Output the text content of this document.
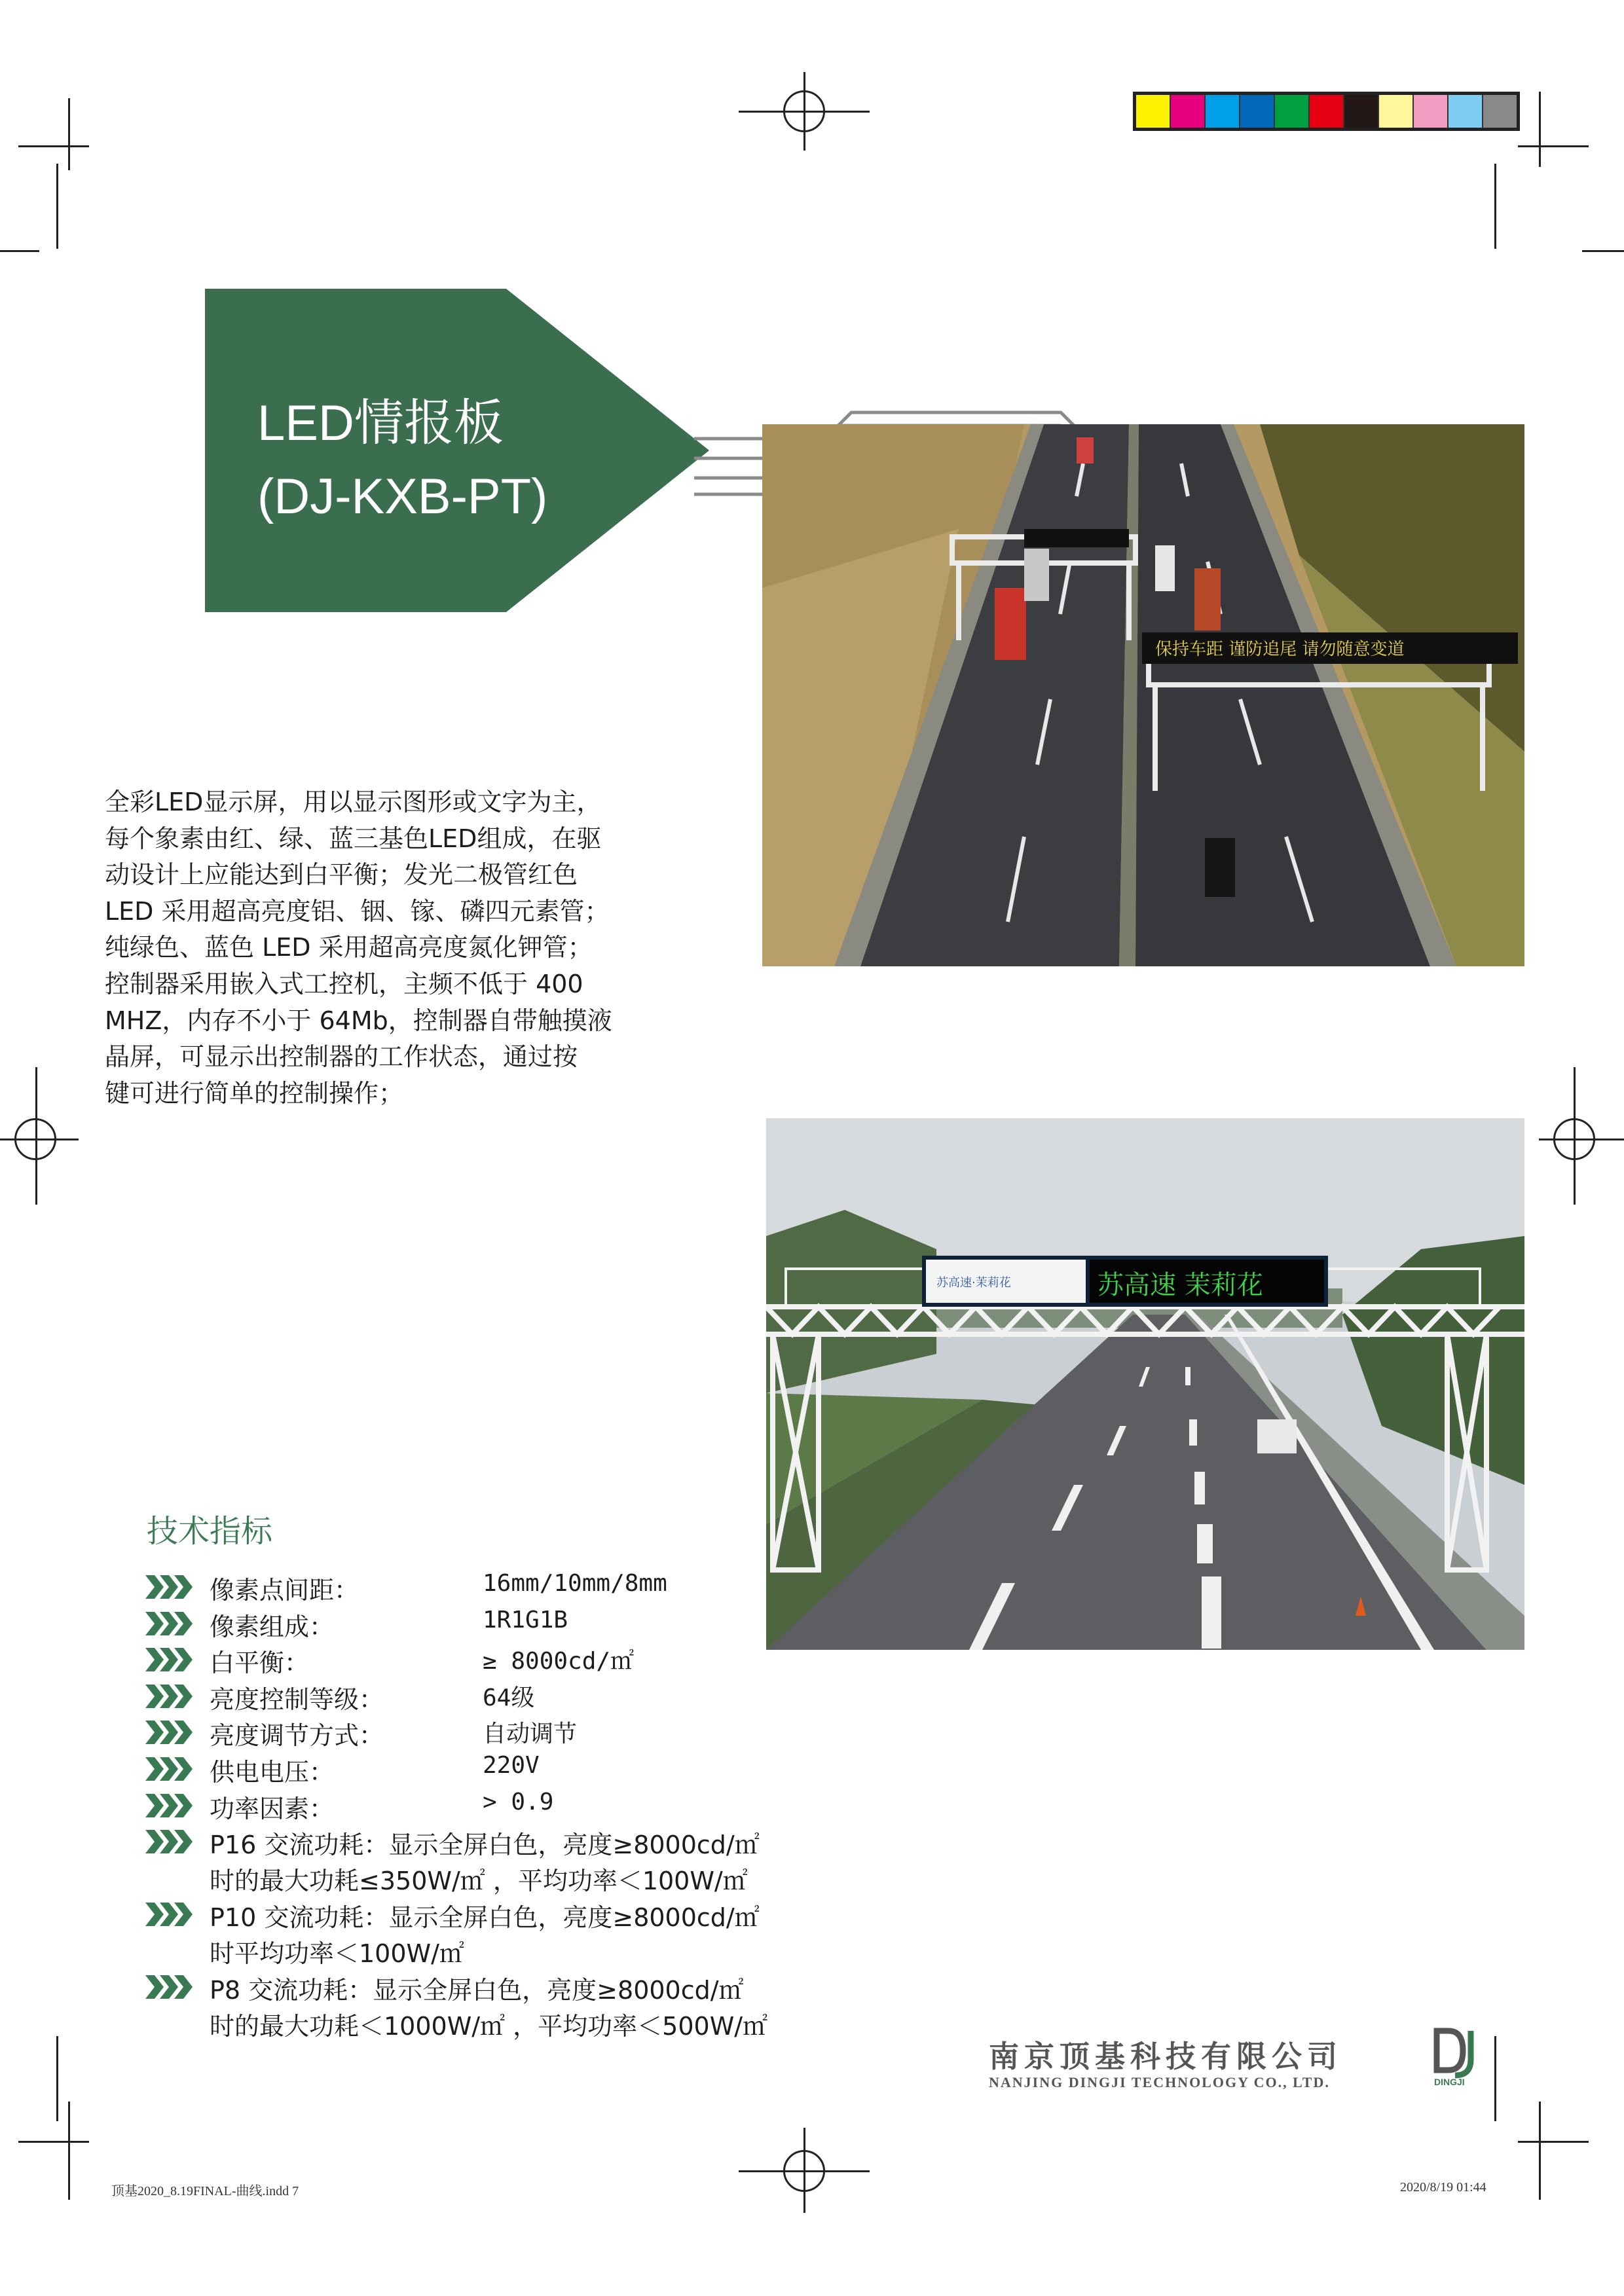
LED情报板
(DJ-KXB-PT)
保持车距 谨防追尾 请勿随意变道
全彩LED显示屏，用以显示图形或文字为主，
每个象素由红、绿、蓝三基色LED组成，在驱
动设计上应能达到白平衡；发光二极管红色
LED 采用超高亮度铝、铟、镓、磷四元素管；
纯绿色、蓝色 LED 采用超高亮度氮化钾管；
控制器采用嵌入式工控机，主频不低于 400
MHZ，内存不小于 64Mb，控制器自带触摸液
晶屏，可显示出控制器的工作状态，通过按
键可进行简单的控制操作；
苏高速·茉莉花	苏高速 茉莉花
技术指标
像素点间距：	16mm/10mm/8mm
像素组成：	1R1G1B
白平衡：	≥ 8000cd/㎡
亮度控制等级：	64级
亮度调节方式：	自动调节
供电电压：	220V
功率因素：	> 0.9
P16 交流功耗：显示全屏白色，亮度≥8000cd/㎡
时的最大功耗≤350W/㎡ ，平均功率＜100W/㎡
P10 交流功耗：显示全屏白色，亮度≥8000cd/㎡
时平均功率＜100W/㎡
P8 交流功耗：显示全屏白色，亮度≥8000cd/㎡
时的最大功耗＜1000W/㎡ ，平均功率＜500W/㎡
南京顶基科技有限公司
NANJING DINGJI TECHNOLOGY CO., LTD.	DINGJI
顶基2020_8.19FINAL-曲线.indd 7	2020/8/19 01:44
